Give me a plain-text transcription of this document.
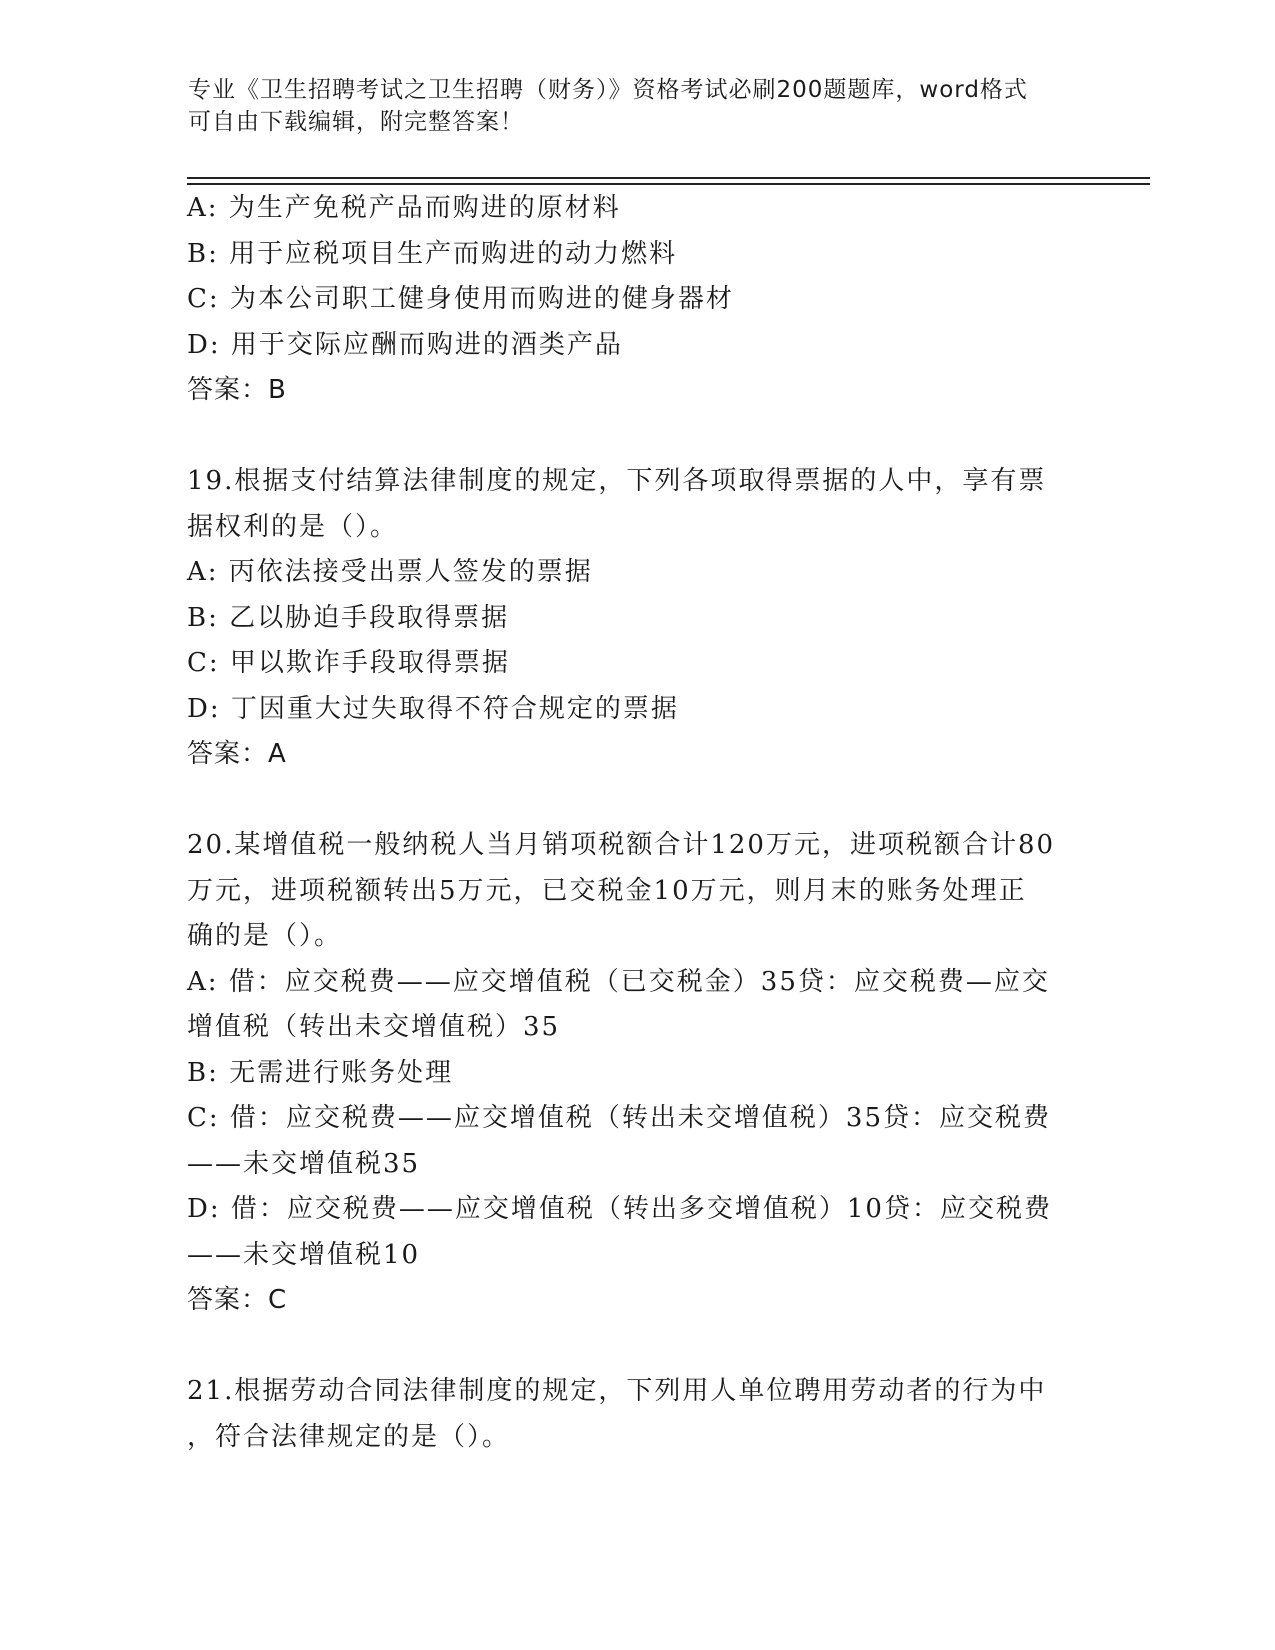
专业《卫生招聘考试之卫生招聘（财务）》资格考试必刷200题题库，word格式

可自由下载编辑，附完整答案！

A: 为生产免税产品而购进的原材料
B: 用于应税项目生产而购进的动力燃料
C: 为本公司职工健身使用而购进的健身器材
D: 用于交际应酬而购进的酒类产品
答案：B
19.根据支付结算法律制度的规定，下列各项取得票据的人中，享有票
据权利的是（）。
A: 丙依法接受出票人签发的票据
B: 乙以胁迫手段取得票据
C: 甲以欺诈手段取得票据
D: 丁因重大过失取得不符合规定的票据
答案：A
20.某增值税一般纳税人当月销项税额合计120万元，进项税额合计80
万元，进项税额转出5万元，已交税金10万元，则月末的账务处理正
确的是（）。
A: 借：应交税费——应交增值税（已交税金）35贷：应交税费—应交
增值税（转出未交增值税）35
B: 无需进行账务处理
C: 借：应交税费——应交增值税（转出未交增值税）35贷：应交税费
——未交增值税35
D: 借：应交税费——应交增值税（转出多交增值税）10贷：应交税费
——未交增值税10
答案：C
21.根据劳动合同法律制度的规定，下列用人单位聘用劳动者的行为中
，符合法律规定的是（）。
